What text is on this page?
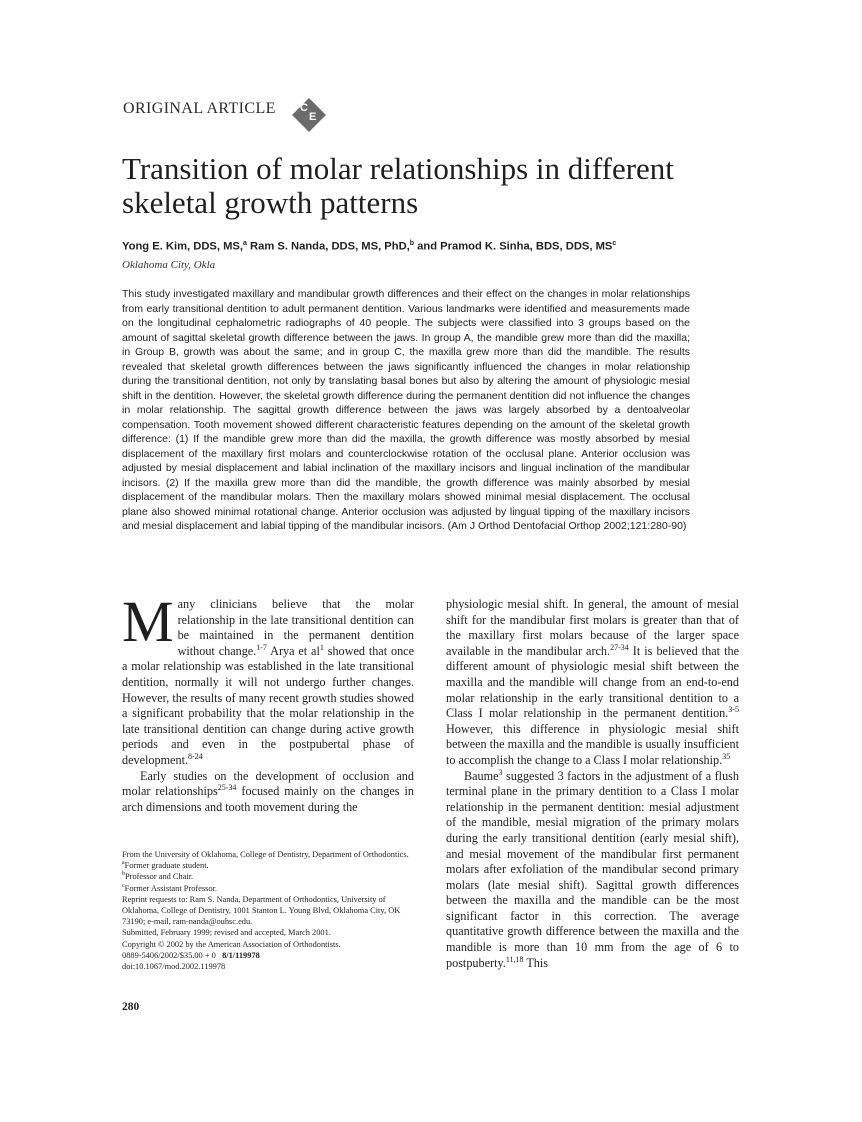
ORIGINAL ARTICLE C
E
Transition of molar relationships in different skeletal growth patterns
Yong E. Kim, DDS, MS,$^a$ Ram S. Nanda, DDS, MS, PhD,$^b$ and Pramod K. Sinha, BDS, DDS, $MS^c$
Oklahoma City, Okla

This study investigated maxillary and mandibular growth differences and their effect on the changes in molar relationships from early transitional dentition to adult permanent dentition. Various landmarks were identified and measurements made on the longitudinal cephalometric radiographs of 40 people. The subjects were classified into 3 groups based on the amount of sagittal skeletal growth difference between the jaws. In group A, the mandible grew more than did the maxilla; in Group B, growth was about the same; and in group C, the maxilla grew more than did the mandible. The results revealed that skeletal growth differences between the jaws significantly influenced the changes in molar relationship during the transitional dentition, not only by translating basal bones but also by altering the amount of physiologic mesial shift in the dentition. However, the skeletal growth difference during the permanent dentition did not influence the changes in molar relationship. The sagittal growth difference between the jaws was largely absorbed by a dentoalveolar compensation. Tooth movement showed different characteristic features depending on the amount of the skeletal growth difference: (1) If the mandible grew more than did the maxilla, the growth difference was mostly absorbed by mesial displacement of the maxillary first molars and counterclockwise rotation of the occlusal plane. Anterior occlusion was adjusted by mesial displacement and labial inclination of the maxillary incisors and lingual inclination of the mandibular incisors. (2) If the maxilla grew more than did the mandible, the growth difference was mainly absorbed by mesial displacement of the mandibular molars. Then the maxillary molars showed minimal mesial displacement. The occlusal plane also showed minimal rotational change. Anterior occlusion was adjusted by lingual tipping of the maxillary incisors and mesial displacement and labial tipping of the mandibular incisors. (Am J Orthod Dentofacial Orthop 2002;121:280-90)

Many clinicians believe that the molar relationship in the late transitional dentition can be maintained in the permanent dentition without change.$^{1-7}$ Arya et $al^1$ showed that once a molar relationship was established in the late transitional dentition, normally it will not undergo further changes. However, the results of many recent growth studies showed a significant probability that the molar relationship in the late transitional dentition can change during active growth periods and even in the postpubertal phase of development.$^{8-24}$

Early studies on the development of occlusion and molar relationships$^{25-34}$ focused mainly on the changes in arch dimensions and tooth movement during the

physiologic mesial shift. In general, the amount of mesial shift for the mandibular first molars is greater than that of the maxillary first molars because of the larger space available in the mandibular arch.$^{27-34}$ It is believed that the different amount of physiologic mesial shift between the maxilla and the mandible will change from an end-to-end molar relationship in the early transitional dentition to a Class I molar relationship in the permanent dentition.$^{3-5}$ However, this difference in physiologic mesial shift between the maxilla and the mandible is usually insufficient to accomplish the change to a Class I molar relationship.$^{35}$

Baume$^3$ suggested 3 factors in the adjustment of a flush terminal plane in the primary dentition to a Class I molar relationship in the permanent dentition: mesial adjustment of the mandible, mesial migration of the primary molars during the early transitional dentition (early mesial shift), and mesial movement of the mandibular first permanent molars after exfoliation of the mandibular second primary molars (late mesial shift). Sagittal growth differences between the maxilla and the mandible can be the most significant factor in this correction. The average quantitative growth difference between the maxilla and the mandible is more than 10 mm from the age of 6 to postpuberty.$^{11,18}$ This

From the University of Oklahoma, College of Dentistry, Department of Orthodontics.
$^a$Former graduate student.
$^b$Professor and Chair.
$^c$Former Assistant Professor.
Reprint requests to: Ram S. Nanda, Department of Orthodontics, University of Oklahoma, College of Dentistry, 1001 Stanton L. Young Blvd, Oklahoma City, OK 73190; e-mail, ram-nanda@ouhsc.edu.
Submitted, February 1999; revised and accepted, March 2001.
Copyright © 2002 by the American Association of Orthodontists.
0889-5406/2002/$35.00 + 0 8/1/119978
doi:10.1067/mod.2002.119978
280
